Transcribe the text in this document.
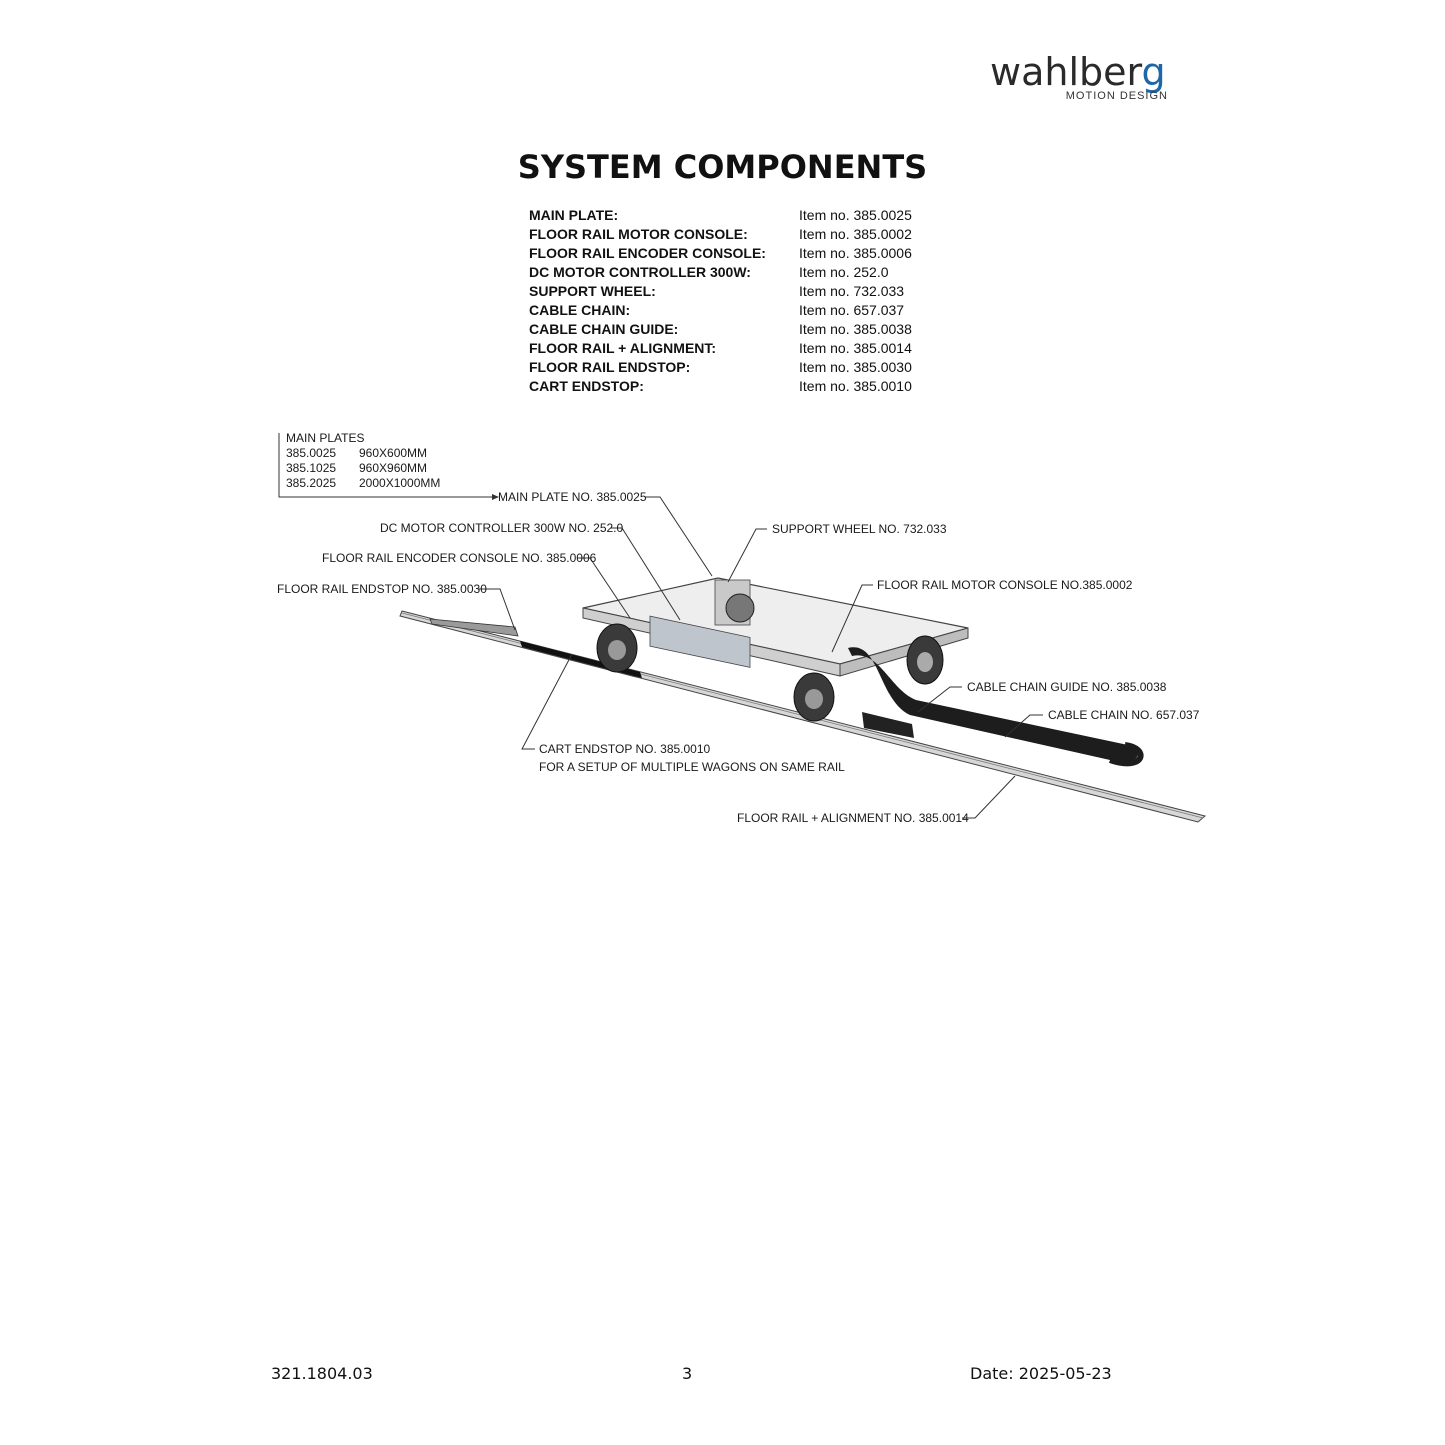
wahlberg
MOTION DESIGN
SYSTEM COMPONENTS
MAIN PLATE:	Item no. 385.0025
FLOOR RAIL MOTOR CONSOLE:	Item no. 385.0002
FLOOR RAIL ENCODER CONSOLE: Item no. 385.0006
DC MOTOR CONTROLLER 300W:	Item no. 252.0
SUPPORT WHEEL:	Item no. 732.033
CABLE CHAIN:	Item no. 657.037
CABLE CHAIN GUIDE:	Item no. 385.0038
FLOOR RAIL + ALIGNMENT:	Item no. 385.0014
FLOOR RAIL ENDSTOP:	Item no. 385.0030
CART ENDSTOP:	Item no. 385.0010
MAIN PLATES
385.0025 960X600MM
385.1025 960X960MM
385.2025 2000X1000MM
MAIN PLATE NO. 385.0025
DC MOTOR CONTROLLER 300W NO. 252.0	SUPPORT WHEEL NO. 732.033
FLOOR RAIL ENCODER CONSOLE NO. 385.0006
FLOOR RAIL MOTOR CONSOLE NO.385.0002
FLOOR RAIL ENDSTOP NO. 385.0030
CABLE CHAIN GUIDE NO. 385.0038
CABLE CHAIN NO. 657.037
CART ENDSTOP NO. 385.0010
FOR A SETUP OF MULTIPLE WAGONS ON SAME RAIL
FLOOR RAIL + ALIGNMENT NO. 385.0014
321.1804.03	3	Date: 2025-05-23
